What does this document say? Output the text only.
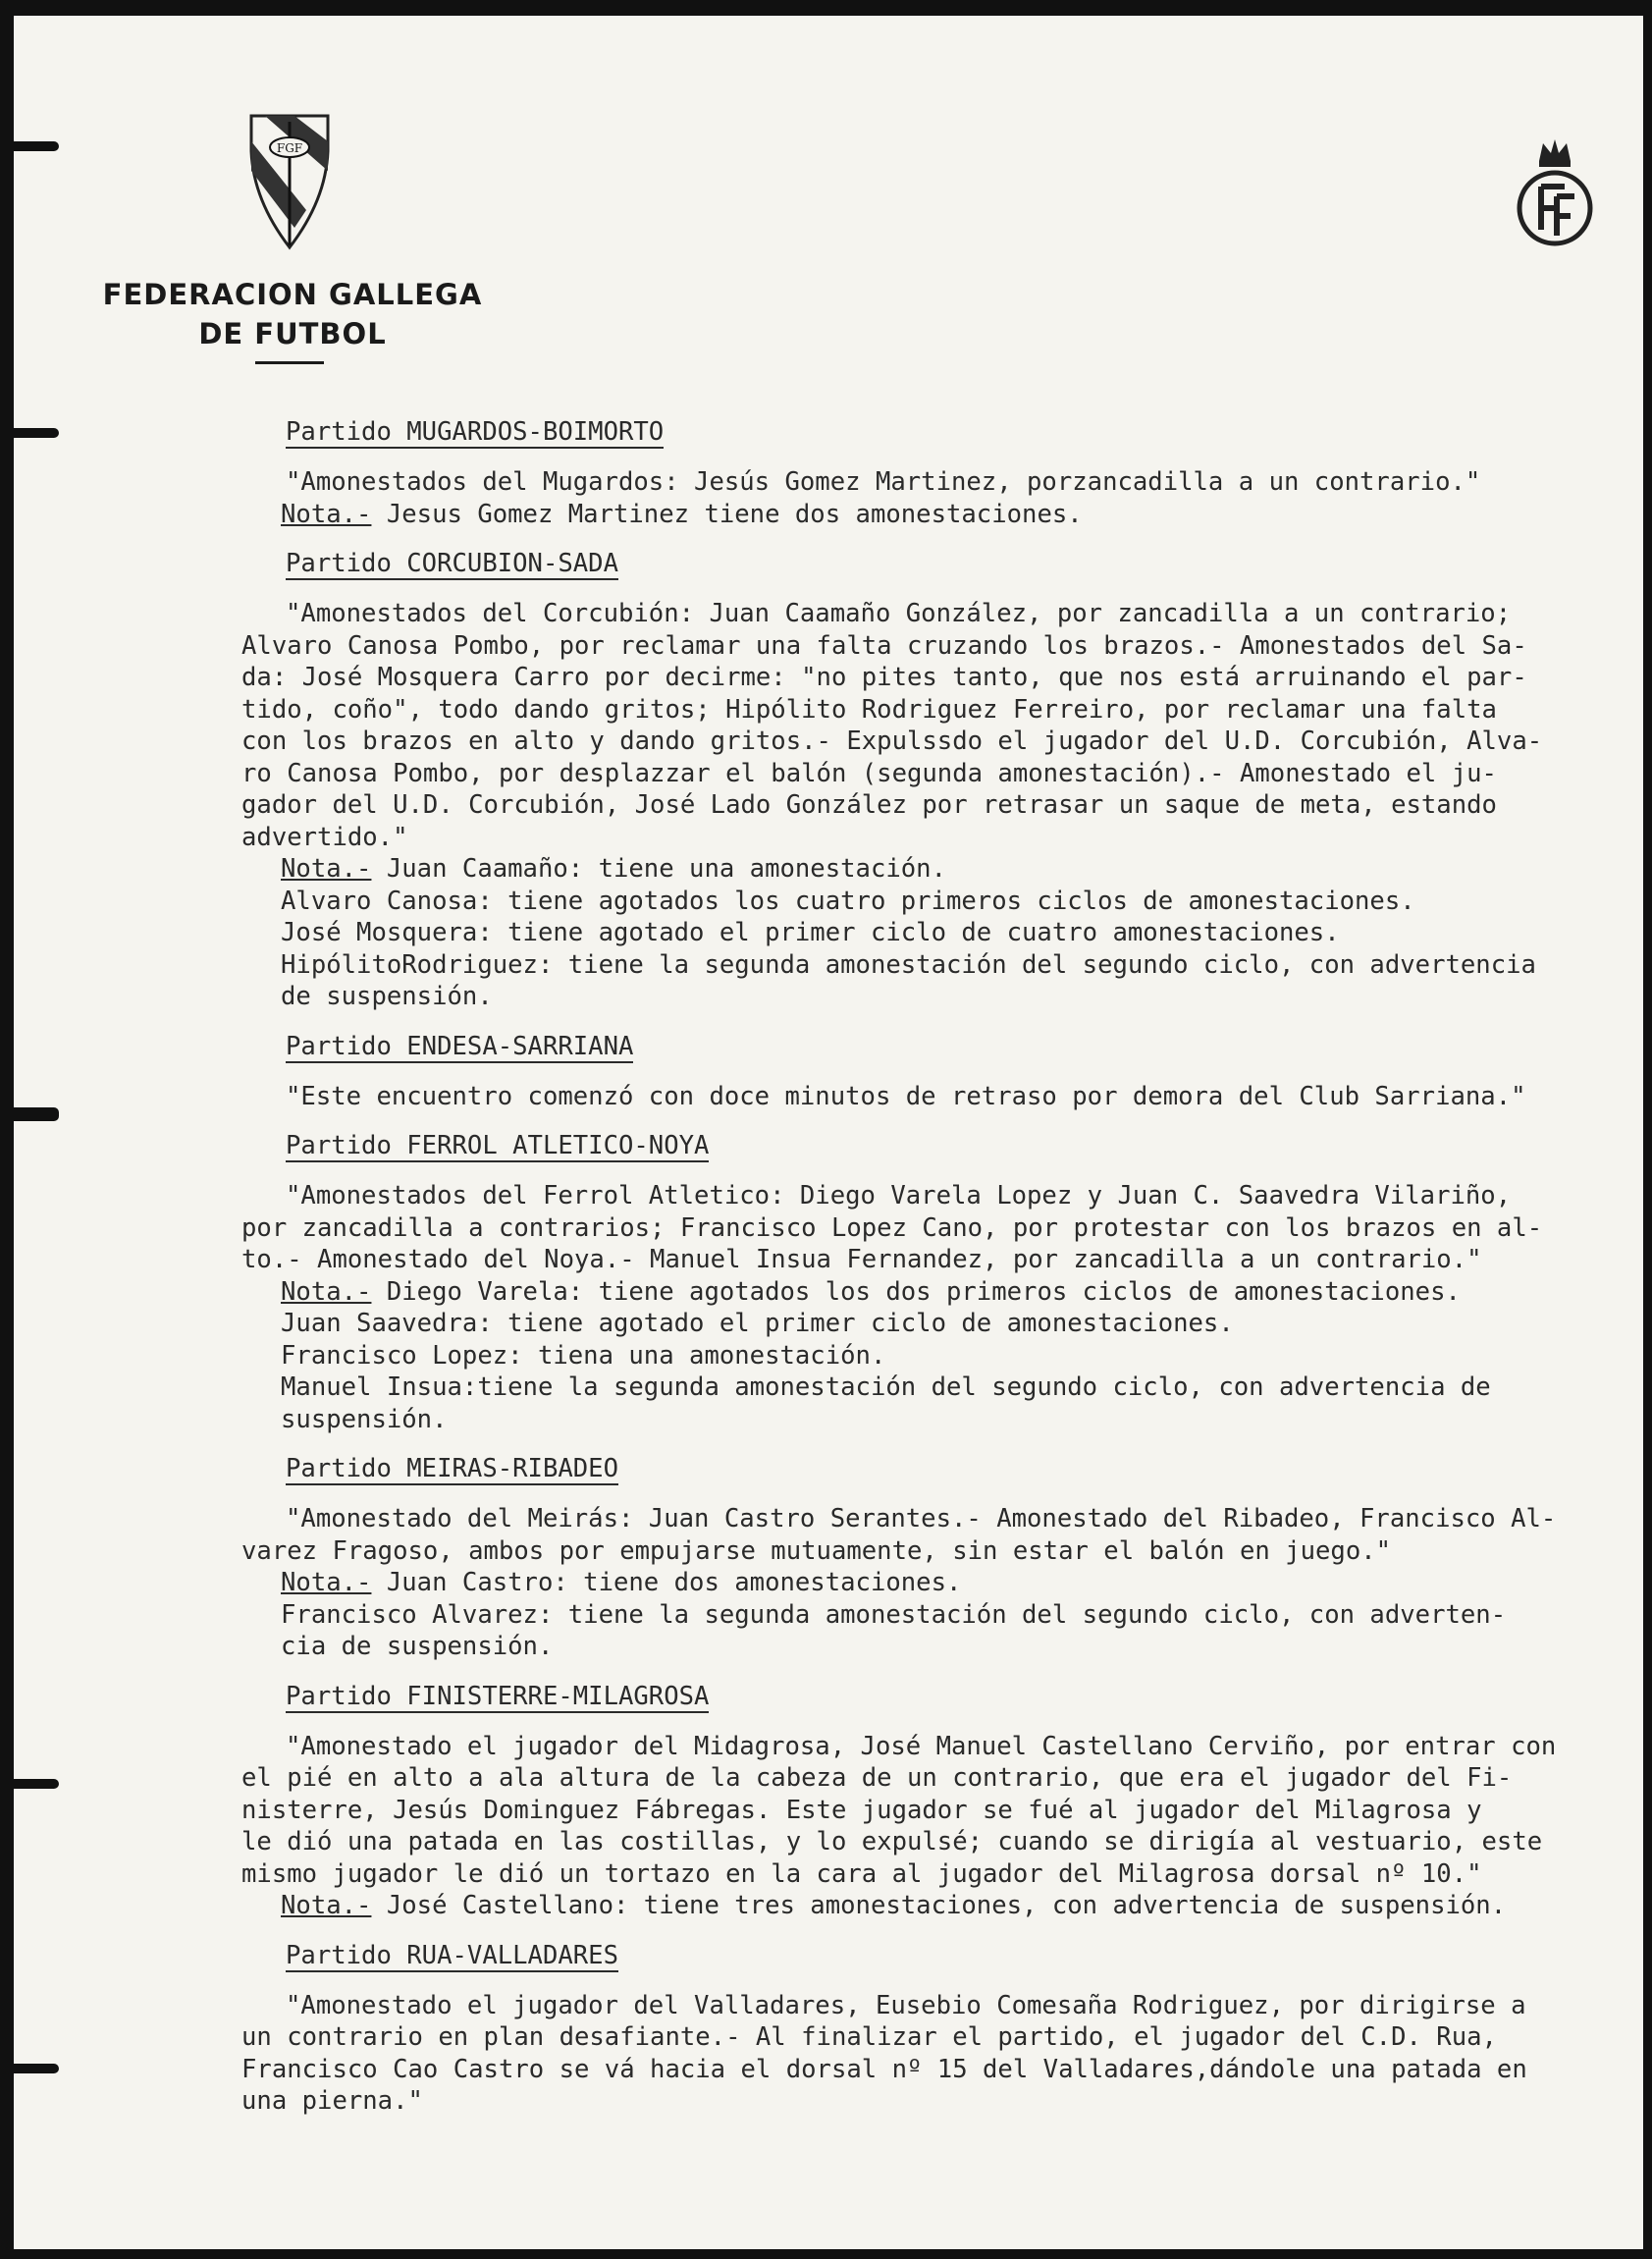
FGF
FEDERACION GALLEGA
DE FUTBOL
Partido MUGARDOS-BOIMORTO

"Amonestados del Mugardos: Jesús Gomez Martinez, porzancadilla a un contrario."

Nota.- Jesus Gomez Martinez tiene dos amonestaciones.

Partido CORCUBION-SADA

"Amonestados del Corcubión: Juan Caamaño González, por zancadilla a un contrario;
Alvaro Canosa Pombo, por reclamar una falta cruzando los brazos.- Amonestados del Sa-
da: José Mosquera Carro por decirme: "no pites tanto, que nos está arruinando el par-
tido, coño", todo dando gritos; Hipólito Rodriguez Ferreiro, por reclamar una falta
con los brazos en alto y dando gritos.- Expulssdo el jugador del U.D. Corcubión, Alva-
ro Canosa Pombo, por desplazzar el balón (segunda amonestación).- Amonestado el ju-
gador del U.D. Corcubión, José Lado González por retrasar un saque de meta, estando
advertido."

Nota.- Juan Caamaño: tiene una amonestación.

Alvaro Canosa: tiene agotados los cuatro primeros ciclos de amonestaciones.

José Mosquera: tiene agotado el primer ciclo de cuatro amonestaciones.

HipólitoRodriguez: tiene la segunda amonestación del segundo ciclo, con advertencia
de suspensión.

Partido ENDESA-SARRIANA

"Este encuentro comenzó con doce minutos de retraso por demora del Club Sarriana."

Partido FERROL ATLETICO-NOYA

"Amonestados del Ferrol Atletico: Diego Varela Lopez y Juan C. Saavedra Vilariño,
por zancadilla a contrarios; Francisco Lopez Cano, por protestar con los brazos en al-
to.- Amonestado del Noya.- Manuel Insua Fernandez, por zancadilla a un contrario."

Nota.- Diego Varela: tiene agotados los dos primeros ciclos de amonestaciones.

Juan Saavedra: tiene agotado el primer ciclo de amonestaciones.

Francisco Lopez: tiena una amonestación.

Manuel Insua:tiene la segunda amonestación del segundo ciclo, con advertencia de
suspensión.

Partido MEIRAS-RIBADEO

"Amonestado del Meirás: Juan Castro Serantes.- Amonestado del Ribadeo, Francisco Al-
varez Fragoso, ambos por empujarse mutuamente, sin estar el balón en juego."

Nota.- Juan Castro: tiene dos amonestaciones.

Francisco Alvarez: tiene la segunda amonestación del segundo ciclo, con adverten-
cia de suspensión.

Partido FINISTERRE-MILAGROSA

"Amonestado el jugador del Midagrosa, José Manuel Castellano Cerviño, por entrar con
el pié en alto a ala altura de la cabeza de un contrario, que era el jugador del Fi-
nisterre, Jesús Dominguez Fábregas. Este jugador se fué al jugador del Milagrosa y
le dió una patada en las costillas, y lo expulsé; cuando se dirigía al vestuario, este
mismo jugador le dió un tortazo en la cara al jugador del Milagrosa dorsal nº 10."

Nota.- José Castellano: tiene tres amonestaciones, con advertencia de suspensión.

Partido RUA-VALLADARES

"Amonestado el jugador del Valladares, Eusebio Comesaña Rodriguez, por dirigirse a
un contrario en plan desafiante.- Al finalizar el partido, el jugador del C.D. Rua,
Francisco Cao Castro se vá hacia el dorsal nº 15 del Valladares,dándole una patada en
una pierna."
